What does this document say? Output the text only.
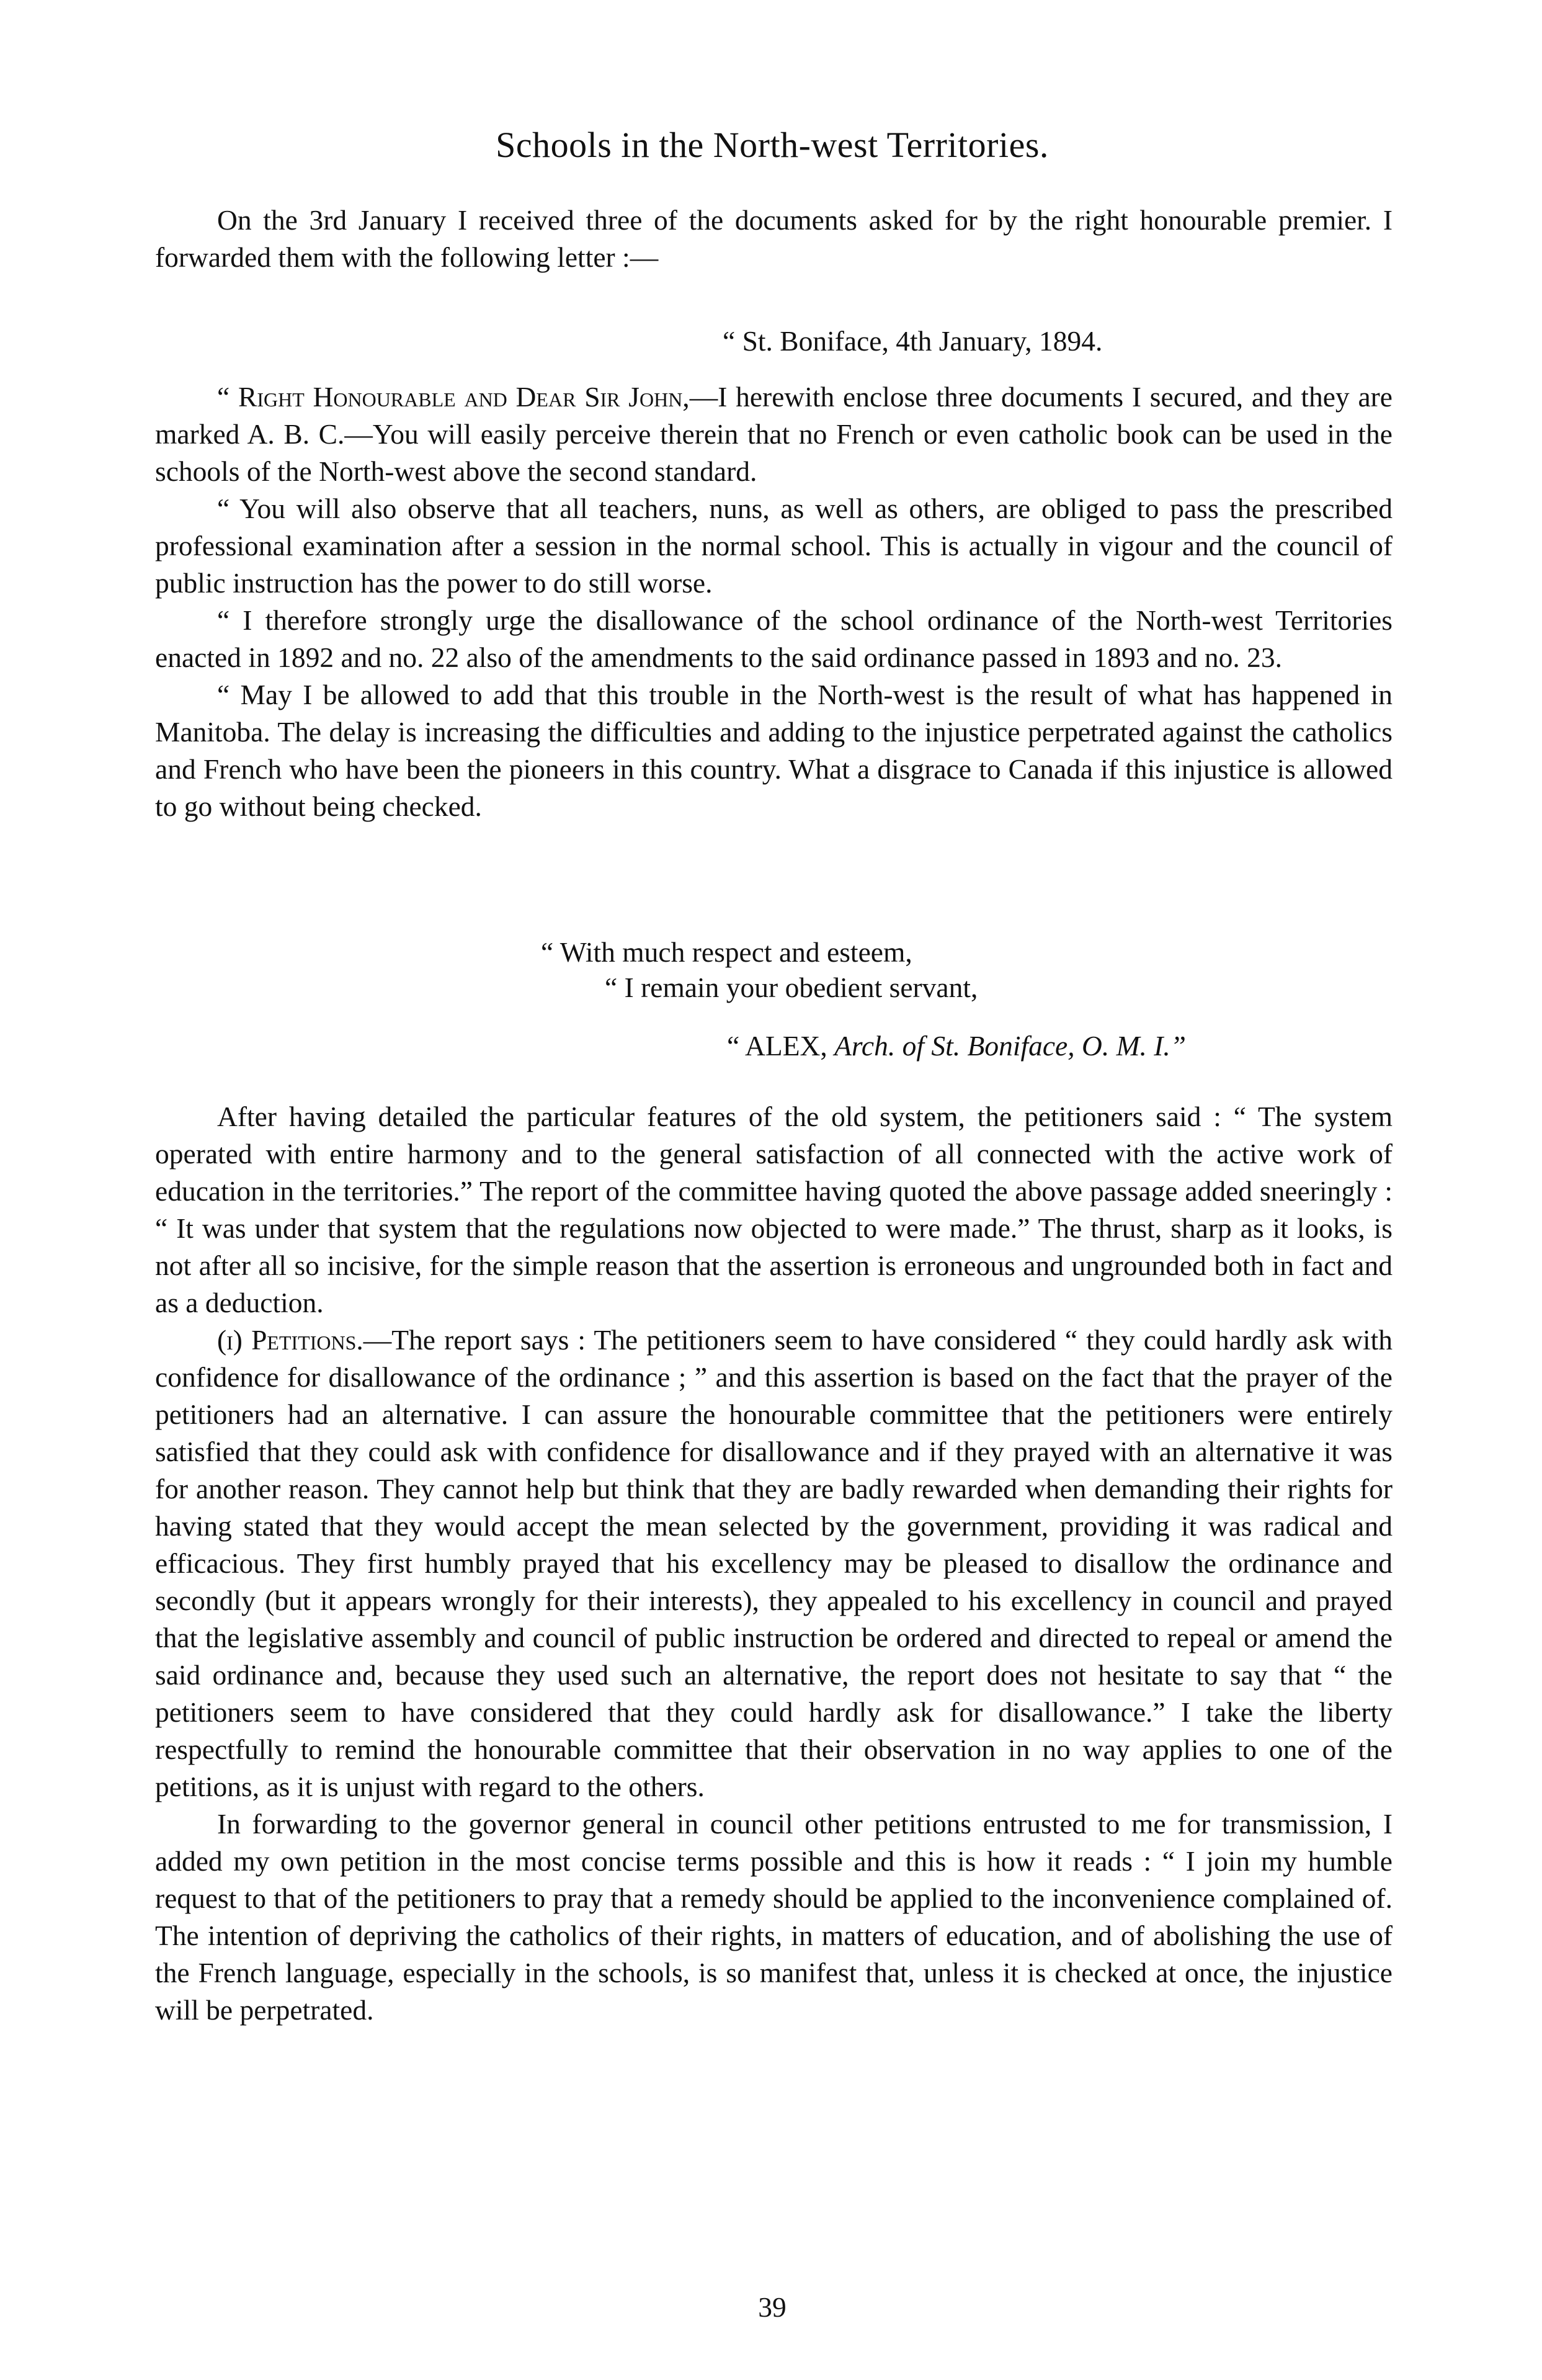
Schools in the North-west Territories.

On the 3rd January I received three of the documents asked for by the right honourable premier. I forwarded them with the following letter :—

“ St. Boniface, 4th January, 1894.

“ Right Honourable and Dear Sir John,—I herewith enclose three documents I secured, and they are marked A. B. C.—You will easily perceive therein that no French or even catholic book can be used in the schools of the North-west above the second standard.

“ You will also observe that all teachers, nuns, as well as others, are obliged to pass the prescribed professional examination after a session in the normal school. This is actually in vigour and the council of public instruction has the power to do still worse.

“ I therefore strongly urge the disallowance of the school ordinance of the North-west Territories enacted in 1892 and no. 22 also of the amendments to the said ordinance passed in 1893 and no. 23.

“ May I be allowed to add that this trouble in the North-west is the result of what has happened in Manitoba. The delay is increasing the difficulties and adding to the injustice perpetrated against the catholics and French who have been the pioneers in this country. What a disgrace to Canada if this injustice is allowed to go without being checked.

“ With much respect and esteem,
“ I remain your obedient servant,
“ ALEX, Arch. of St. Boniface, O. M. I.”

After having detailed the particular features of the old system, the petitioners said : “ The system operated with entire harmony and to the general satisfaction of all connected with the active work of education in the territories.” The report of the committee having quoted the above passage added sneeringly : “ It was under that system that the regulations now objected to were made.” The thrust, sharp as it looks, is not after all so incisive, for the simple reason that the assertion is erroneous and ungrounded both in fact and as a deduction.

(i) Petitions.—The report says : The petitioners seem to have considered “ they could hardly ask with confidence for disallowance of the ordinance ; ” and this assertion is based on the fact that the prayer of the petitioners had an alternative. I can assure the honourable committee that the petitioners were entirely satisfied that they could ask with confidence for disallowance and if they prayed with an alternative it was for another reason. They cannot help but think that they are badly rewarded when demanding their rights for having stated that they would accept the mean selected by the government, providing it was radical and efficacious. They first humbly prayed that his excellency may be pleased to disallow the ordinance and secondly (but it appears wrongly for their interests), they appealed to his excellency in council and prayed that the legislative assembly and council of public instruction be ordered and directed to repeal or amend the said ordinance and, because they used such an alternative, the report does not hesitate to say that “ the petitioners seem to have considered that they could hardly ask for disallowance.” I take the liberty respectfully to remind the honourable committee that their observation in no way applies to one of the petitions, as it is unjust with regard to the others.

In forwarding to the governor general in council other petitions entrusted to me for transmission, I added my own petition in the most concise terms possible and this is how it reads : “ I join my humble request to that of the petitioners to pray that a remedy should be applied to the inconvenience complained of. The intention of depriving the catholics of their rights, in matters of education, and of abolishing the use of the French language, especially in the schools, is so manifest that, unless it is checked at once, the injustice will be perpetrated.

39
